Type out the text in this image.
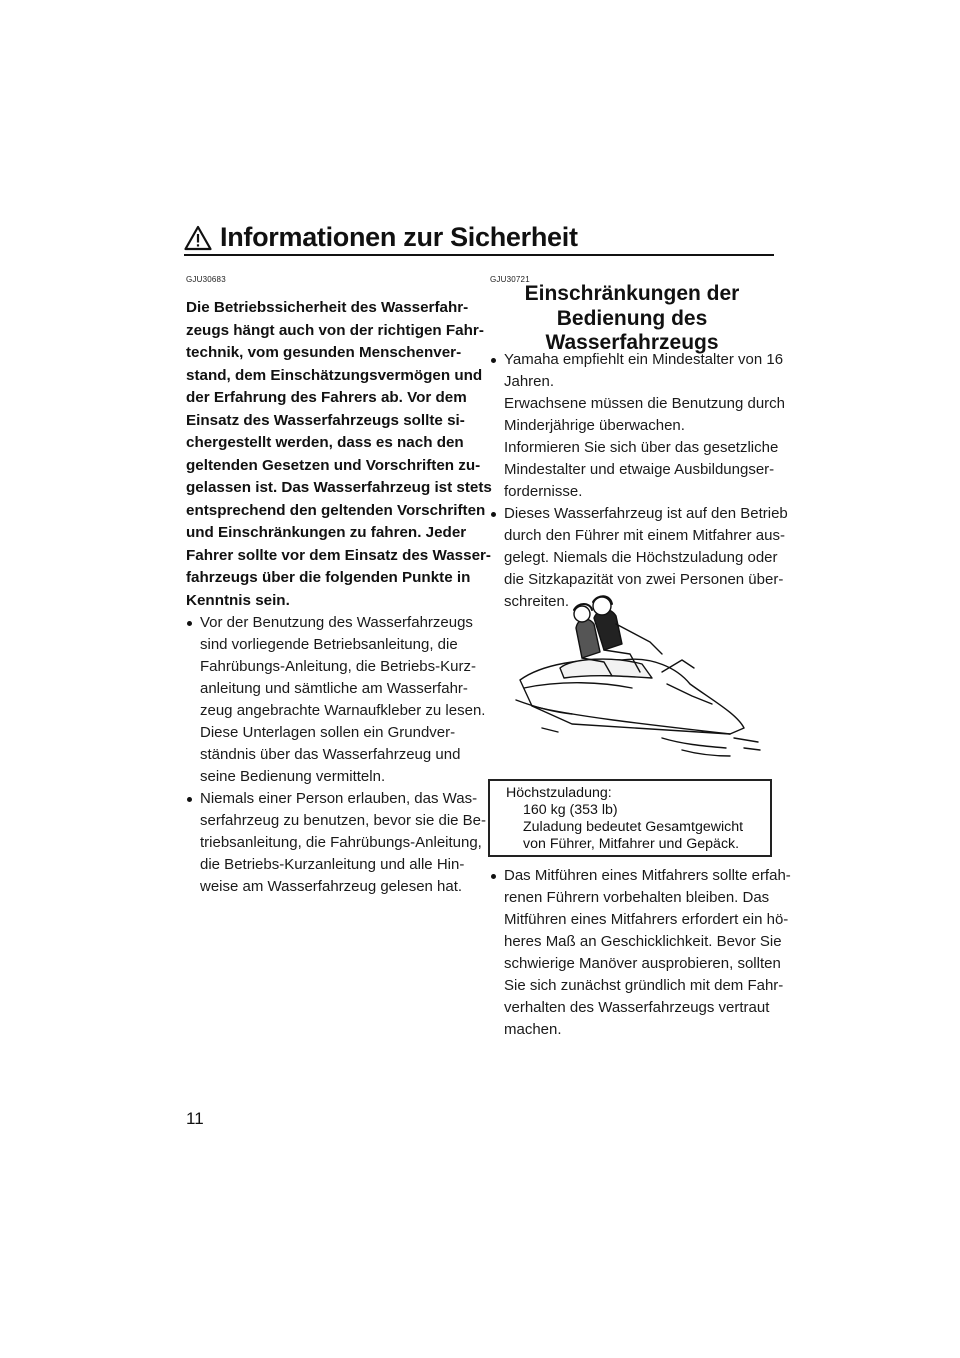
Informationen zur Sicherheit
GJU30683

Die Betriebssicherheit des Wasserfahr-
zeugs hängt auch von der richtigen Fahr-
technik, vom gesunden Menschenver-
stand, dem Einschätzungsvermögen und
der Erfahrung des Fahrers ab. Vor dem
Einsatz des Wasserfahrzeugs sollte si-
chergestellt werden, dass es nach den
geltenden Gesetzen und Vorschriften zu-
gelassen ist. Das Wasserfahrzeug ist stets
entsprechend den geltenden Vorschriften
und Einschränkungen zu fahren. Jeder
Fahrer sollte vor dem Einsatz des Wasser-
fahrzeugs über die folgenden Punkte in
Kenntnis sein.

Vor der Benutzung des Wasserfahrzeugs
sind vorliegende Betriebsanleitung, die
Fahrübungs-Anleitung, die Betriebs-Kurz-
anleitung und sämtliche am Wasserfahr-
zeug angebrachte Warnaufkleber zu lesen.
Diese Unterlagen sollen ein Grundver-
ständnis über das Wasserfahrzeug und
seine Bedienung vermitteln.
Niemals einer Person erlauben, das Was-
serfahrzeug zu benutzen, bevor sie die Be-
triebsanleitung, die Fahrübungs-Anleitung,
die Betriebs-Kurzanleitung und alle Hin-
weise am Wasserfahrzeug gelesen hat.
GJU30721
Einschränkungen der
Bedienung des
Wasserfahrzeugs
Yamaha empfiehlt ein Mindestalter von 16
Jahren.
Erwachsene müssen die Benutzung durch
Minderjährige überwachen.
Informieren Sie sich über das gesetzliche
Mindestalter und etwaige Ausbildungser-
fordernisse.
Dieses Wasserfahrzeug ist auf den Betrieb
durch den Führer mit einem Mitfahrer aus-
gelegt. Niemals die Höchstzuladung oder
die Sitzkapazität von zwei Personen über-
schreiten.
Höchstzuladung:
160 kg (353 lb)
Zuladung bedeutet Gesamtgewicht
von Führer, Mitfahrer und Gepäck.
Das Mitführen eines Mitfahrers sollte erfah-
renen Führern vorbehalten bleiben. Das
Mitführen eines Mitfahrers erfordert ein hö-
heres Maß an Geschicklichkeit. Bevor Sie
schwierige Manöver ausprobieren, sollten
Sie sich zunächst gründlich mit dem Fahr-
verhalten des Wasserfahrzeugs vertraut
machen.
11
